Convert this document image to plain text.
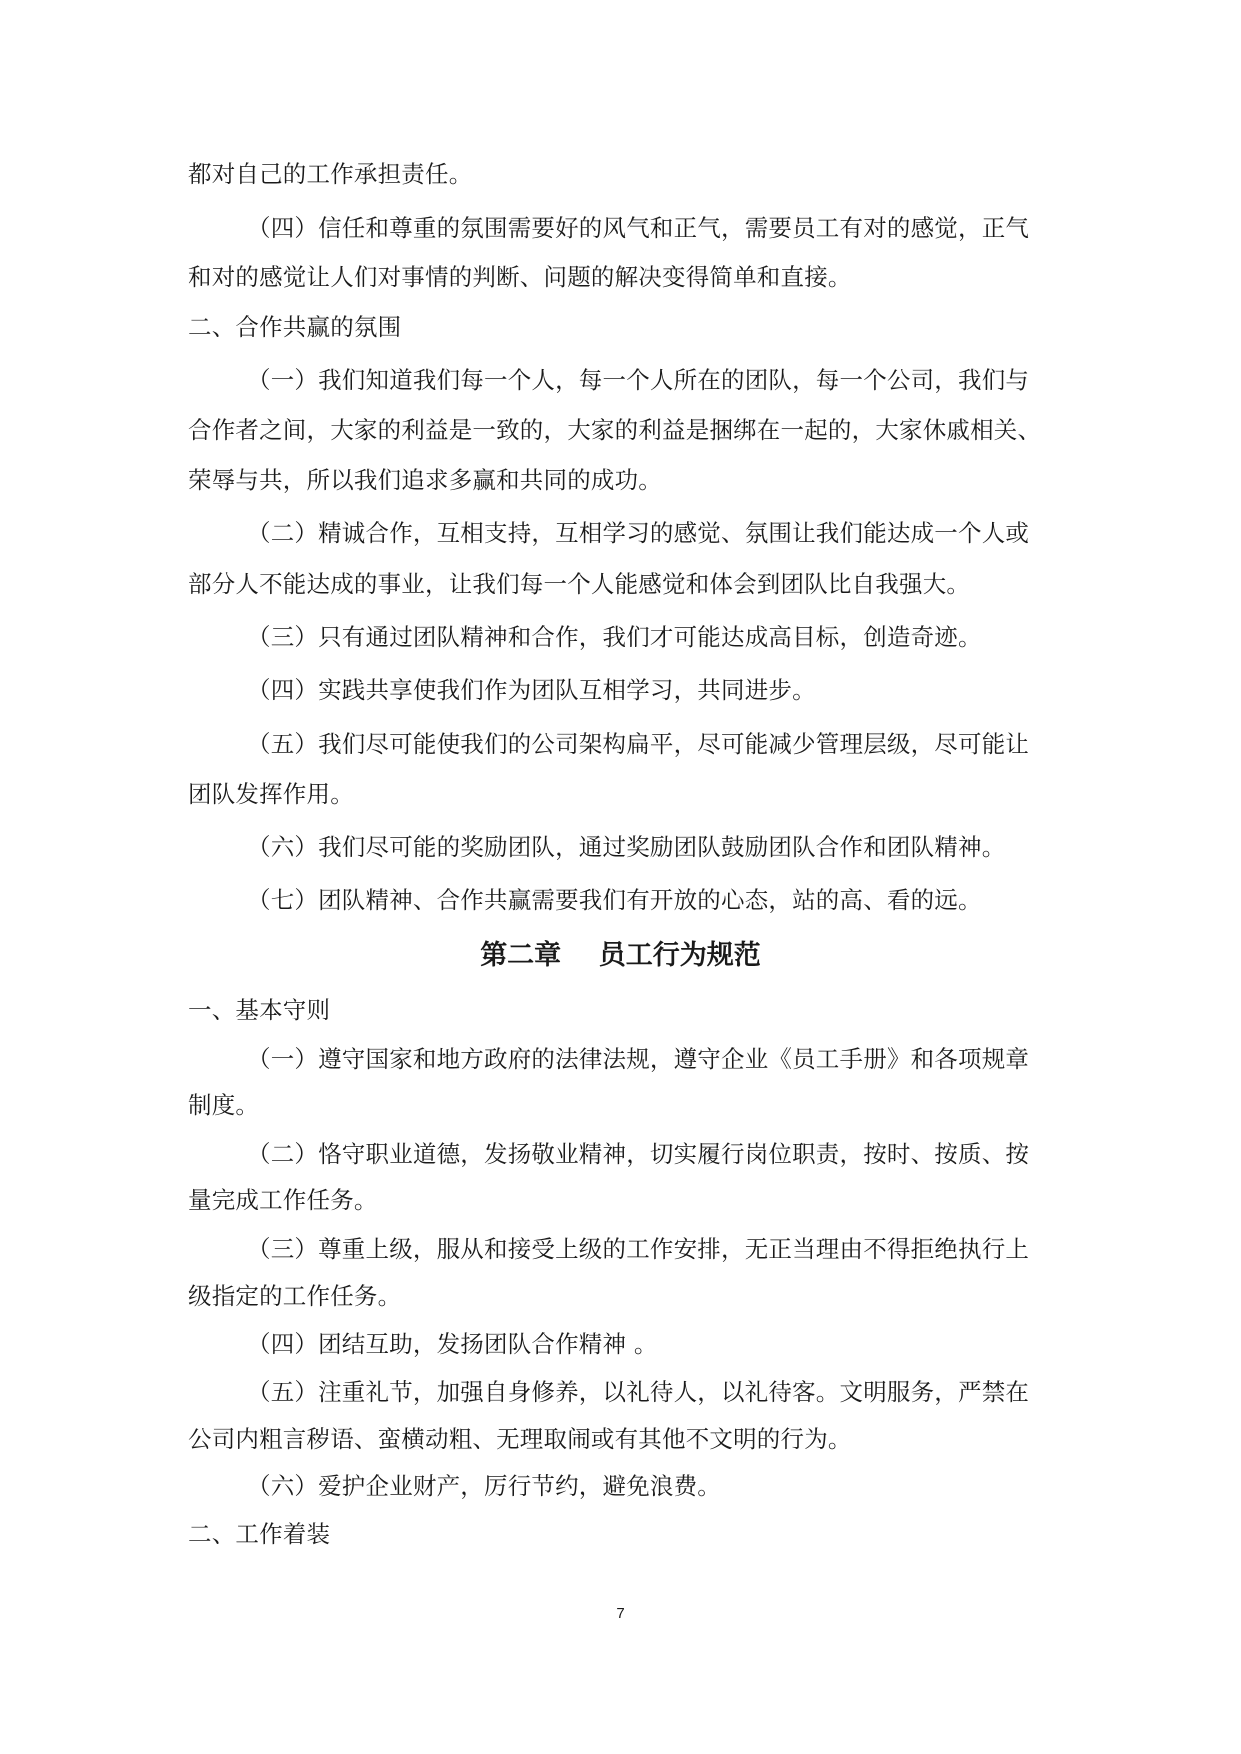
都对自己的工作承担责任。
（四）信任和尊重的氛围需要好的风气和正气，需要员工有对的感觉，正气
和对的感觉让人们对事情的判断、问题的解决变得简单和直接。
二、合作共赢的氛围
（一）我们知道我们每一个人，每一个人所在的团队，每一个公司，我们与
合作者之间，大家的利益是一致的，大家的利益是捆绑在一起的，大家休戚相关、
荣辱与共，所以我们追求多赢和共同的成功。
（二）精诚合作，互相支持，互相学习的感觉、氛围让我们能达成一个人或
部分人不能达成的事业，让我们每一个人能感觉和体会到团队比自我强大。
（三）只有通过团队精神和合作，我们才可能达成高目标，创造奇迹。
（四）实践共享使我们作为团队互相学习，共同进步。
（五）我们尽可能使我们的公司架构扁平，尽可能减少管理层级，尽可能让
团队发挥作用。
（六）我们尽可能的奖励团队，通过奖励团队鼓励团队合作和团队精神。
（七）团队精神、合作共赢需要我们有开放的心态，站的高、看的远。
第二章    员工行为规范
一、基本守则
（一）遵守国家和地方政府的法律法规，遵守企业《员工手册》和各项规章
制度。
（二）恪守职业道德，发扬敬业精神，切实履行岗位职责，按时、按质、按
量完成工作任务。
（三）尊重上级，服从和接受上级的工作安排，无正当理由不得拒绝执行上
级指定的工作任务。
（四）团结互助，发扬团队合作精神 。
（五）注重礼节，加强自身修养，以礼待人，以礼待客。文明服务，严禁在
公司内粗言秽语、蛮横动粗、无理取闹或有其他不文明的行为。
（六）爱护企业财产，厉行节约，避免浪费。
二、工作着装
7
